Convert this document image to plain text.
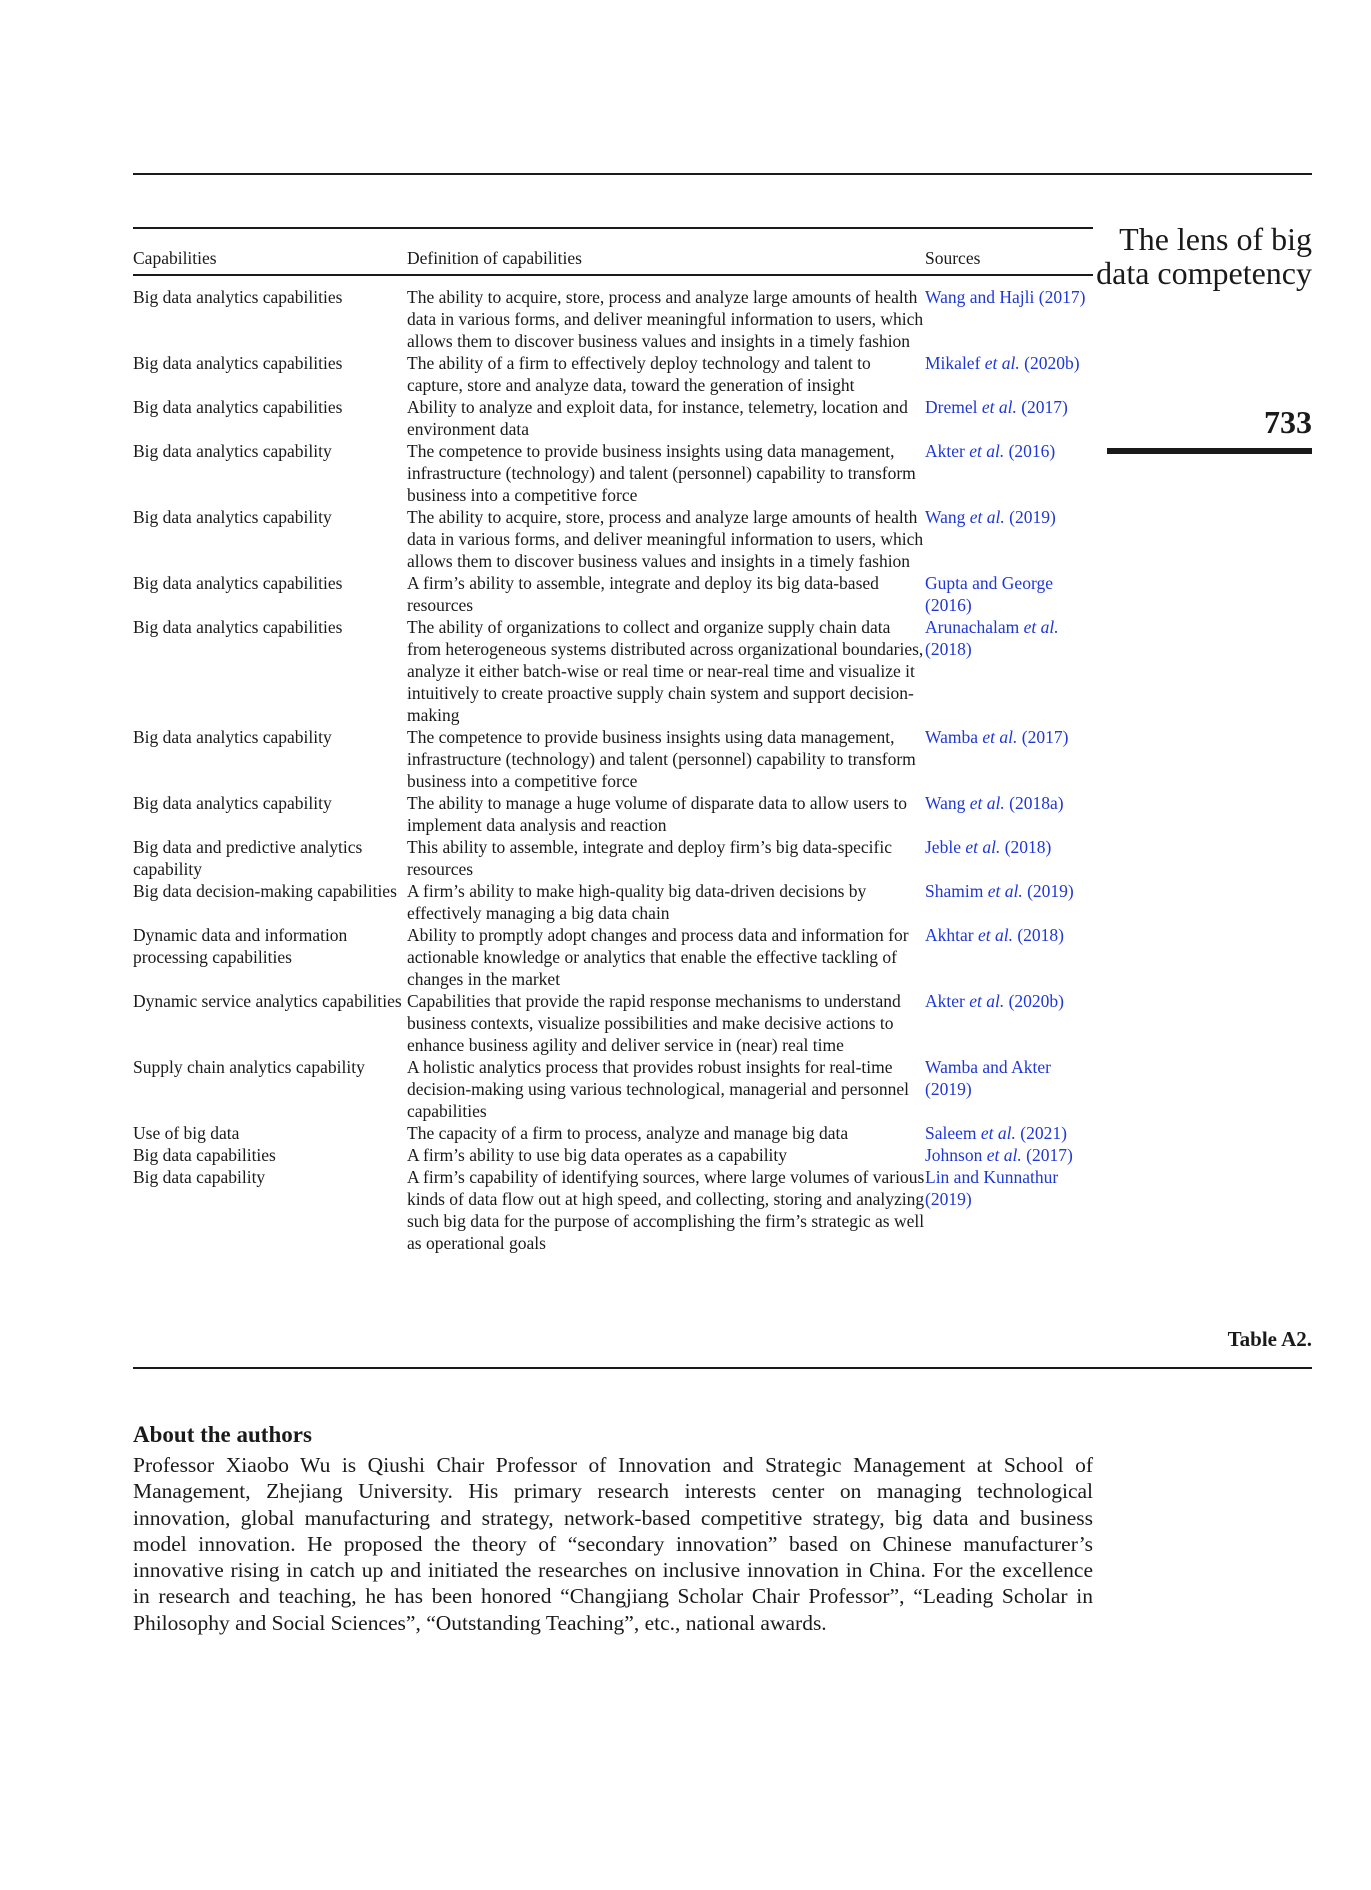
The lens of big data competency
733
Capabilities	Definition of capabilities	Sources
Big data analytics capabilities	The ability to acquire, store, process and analyze large amounts of health data in various forms, and deliver meaningful information to users, which allows them to discover business values and insights in a timely fashion	Wang and Hajli (2017)
Big data analytics capabilities	The ability of a firm to effectively deploy technology and talent to capture, store and analyze data, toward the generation of insight	Mikalef et al. (2020b)
Big data analytics capabilities	Ability to analyze and exploit data, for instance, telemetry, location and environment data	Dremel et al. (2017)
Big data analytics capability	The competence to provide business insights using data management, infrastructure (technology) and talent (personnel) capability to transform business into a competitive force	Akter et al. (2016)
Big data analytics capability	The ability to acquire, store, process and analyze large amounts of health data in various forms, and deliver meaningful information to users, which allows them to discover business values and insights in a timely fashion	Wang et al. (2019)
Big data analytics capabilities	A firm’s ability to assemble, integrate and deploy its big data-based resources	Gupta and George (2016)
Big data analytics capabilities	The ability of organizations to collect and organize supply chain data from heterogeneous systems distributed across organizational boundaries, analyze it either batch-wise or real time or near-real time and visualize it intuitively to create proactive supply chain system and support decision-making	Arunachalam et al. (2018)
Big data analytics capability	The competence to provide business insights using data management, infrastructure (technology) and talent (personnel) capability to transform business into a competitive force	Wamba et al. (2017)
Big data analytics capability	The ability to manage a huge volume of disparate data to allow users to implement data analysis and reaction	Wang et al. (2018a)
Big data and predictive analytics capability	This ability to assemble, integrate and deploy firm’s big data-specific resources	Jeble et al. (2018)
Big data decision-making capabilities	A firm’s ability to make high-quality big data-driven decisions by effectively managing a big data chain	Shamim et al. (2019)
Dynamic data and information processing capabilities	Ability to promptly adopt changes and process data and information for actionable knowledge or analytics that enable the effective tackling of changes in the market	Akhtar et al. (2018)
Dynamic service analytics capabilities	Capabilities that provide the rapid response mechanisms to understand business contexts, visualize possibilities and make decisive actions to enhance business agility and deliver service in (near) real time	Akter et al. (2020b)
Supply chain analytics capability	A holistic analytics process that provides robust insights for real-time decision-making using various technological, managerial and personnel capabilities	Wamba and Akter (2019)
Use of big data	The capacity of a firm to process, analyze and manage big data	Saleem et al. (2021)
Big data capabilities	A firm’s ability to use big data operates as a capability	Johnson et al. (2017)
Big data capability	A firm’s capability of identifying sources, where large volumes of various kinds of data flow out at high speed, and collecting, storing and analyzing such big data for the purpose of accomplishing the firm’s strategic as well as operational goals	Lin and Kunnathur (2019)
Table A2.
About the authors
Professor Xiaobo Wu is Qiushi Chair Professor of Innovation and Strategic Management at School of Management, Zhejiang University. His primary research interests center on managing technological innovation, global manufacturing and strategy, network-based competitive strategy, big data and business model innovation. He proposed the theory of “secondary innovation” based on Chinese manufacturer’s innovative rising in catch up and initiated the researches on inclusive innovation in China. For the excellence in research and teaching, he has been honored “Changjiang Scholar Chair Professor”, “Leading Scholar in Philosophy and Social Sciences”, “Outstanding Teaching”, etc., national awards.
